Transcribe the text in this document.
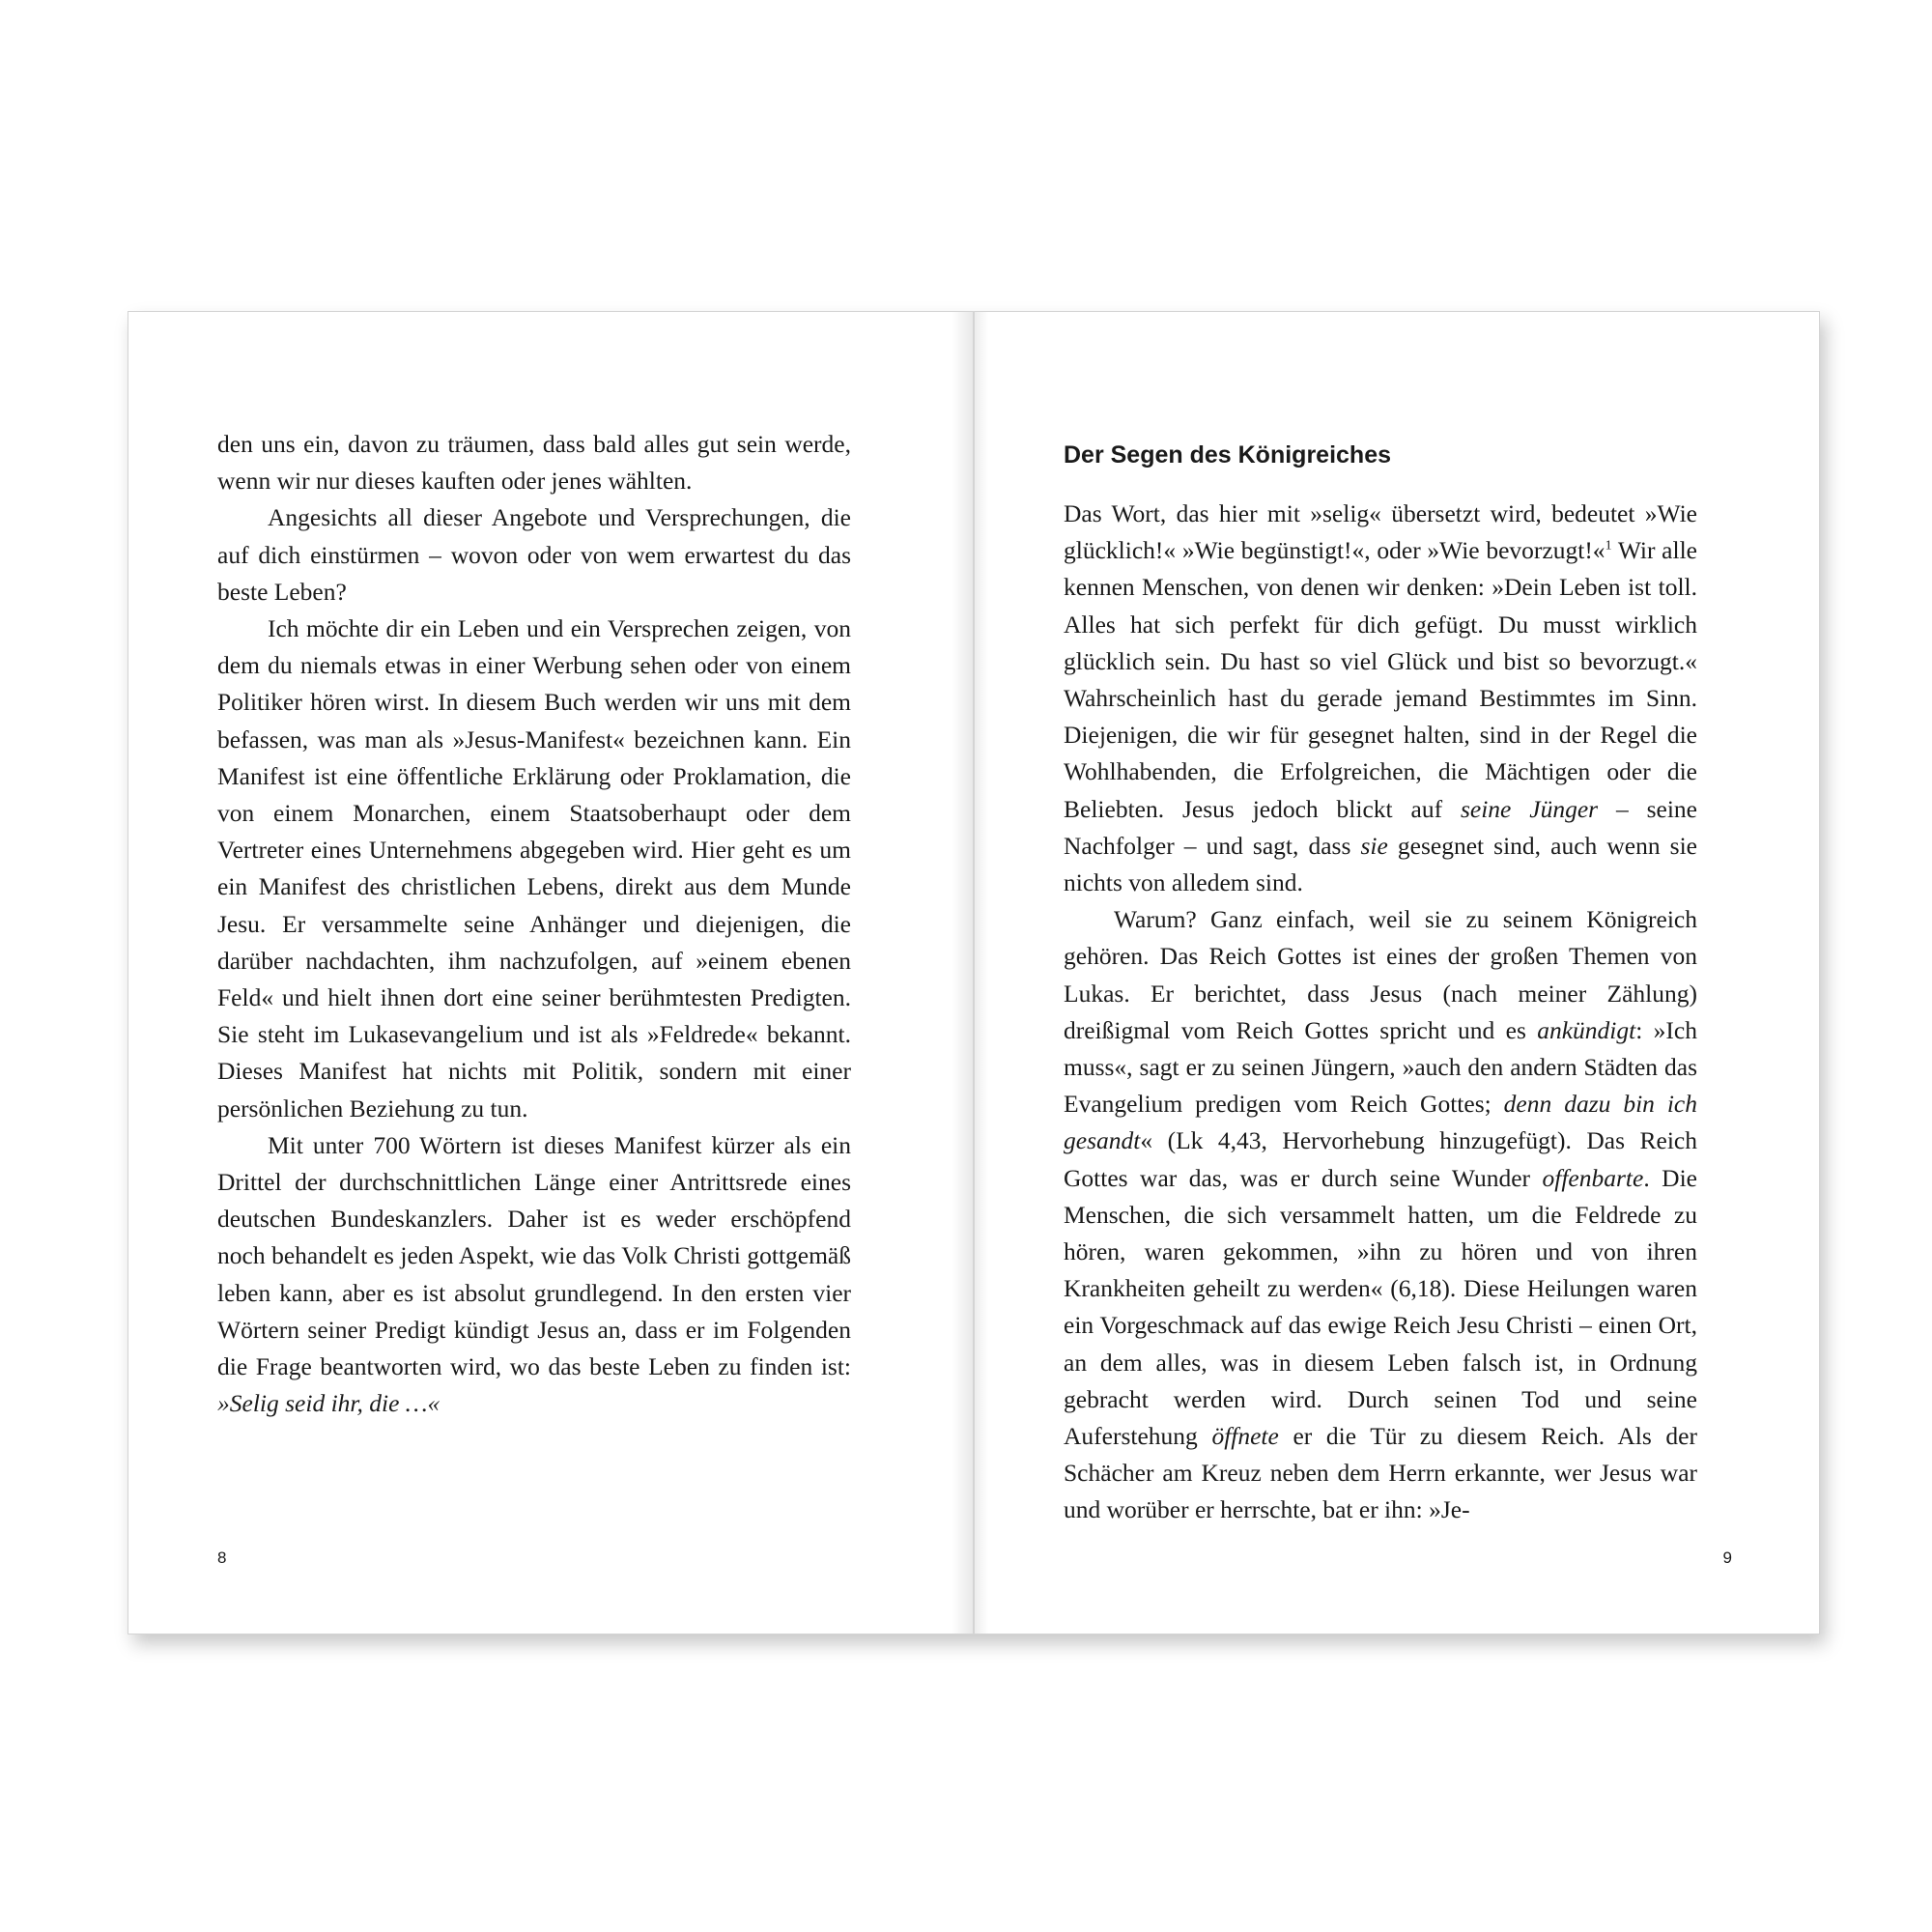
den uns ein, davon zu träumen, dass bald alles gut sein werde, wenn wir nur dieses kauften oder jenes wählten.

Angesichts all dieser Angebote und Versprechungen, die auf dich einstürmen – wovon oder von wem erwartest du das beste Leben?

Ich möchte dir ein Leben und ein Versprechen zeigen, von dem du niemals etwas in einer Werbung sehen oder von einem Politiker hören wirst. In diesem Buch werden wir uns mit dem befassen, was man als »Jesus-Manifest« bezeichnen kann. Ein Manifest ist eine öffentliche Erklärung oder Proklamation, die von einem Monarchen, einem Staatsoberhaupt oder dem Vertreter eines Unternehmens abgegeben wird. Hier geht es um ein Manifest des christlichen Lebens, direkt aus dem Munde Jesu. Er versammelte seine Anhänger und diejenigen, die darüber nachdachten, ihm nachzufolgen, auf »einem ebenen Feld« und hielt ihnen dort eine seiner berühmtesten Predigten. Sie steht im Lukasevangelium und ist als »Feldrede« bekannt. Dieses Manifest hat nichts mit Politik, sondern mit einer persönlichen Beziehung zu tun.

Mit unter 700 Wörtern ist dieses Manifest kürzer als ein Drittel der durchschnittlichen Länge einer Antrittsrede eines deutschen Bundeskanzlers. Daher ist es weder erschöpfend noch behandelt es jeden Aspekt, wie das Volk Christi gottgemäß leben kann, aber es ist absolut grundlegend. In den ersten vier Wörtern seiner Predigt kündigt Jesus an, dass er im Folgenden die Frage beantworten wird, wo das beste Leben zu finden ist: »Selig seid ihr, die …«

8
Der Segen des Königreiches

Das Wort, das hier mit »selig« übersetzt wird, bedeutet »Wie glücklich!« »Wie begünstigt!«, oder »Wie bevorzugt!«$^1$ Wir alle kennen Menschen, von denen wir denken: »Dein Leben ist toll. Alles hat sich perfekt für dich gefügt. Du musst wirklich glücklich sein. Du hast so viel Glück und bist so bevorzugt.« Wahrscheinlich hast du gerade jemand Bestimmtes im Sinn. Diejenigen, die wir für gesegnet halten, sind in der Regel die Wohlhabenden, die Erfolgreichen, die Mächtigen oder die Beliebten. Jesus jedoch blickt auf seine Jünger – seine Nachfolger – und sagt, dass sie gesegnet sind, auch wenn sie nichts von alledem sind.

Warum? Ganz einfach, weil sie zu seinem Königreich gehören. Das Reich Gottes ist eines der großen Themen von Lukas. Er berichtet, dass Jesus (nach meiner Zählung) dreißigmal vom Reich Gottes spricht und es ankündigt: »Ich muss«, sagt er zu seinen Jüngern, »auch den andern Städten das Evangelium predigen vom Reich Gottes; denn dazu bin ich gesandt« (Lk 4,43, Hervorhebung hinzugefügt). Das Reich Gottes war das, was er durch seine Wunder offenbarte. Die Menschen, die sich versammelt hatten, um die Feldrede zu hören, waren gekommen, »ihn zu hören und von ihren Krankheiten geheilt zu werden« (6,18). Diese Heilungen waren ein Vorgeschmack auf das ewige Reich Jesu Christi – einen Ort, an dem alles, was in diesem Leben falsch ist, in Ordnung gebracht werden wird. Durch seinen Tod und seine Auferstehung öffnete er die Tür zu diesem Reich. Als der Schächer am Kreuz neben dem Herrn erkannte, wer Jesus war und worüber er herrschte, bat er ihn: »Je-

9
